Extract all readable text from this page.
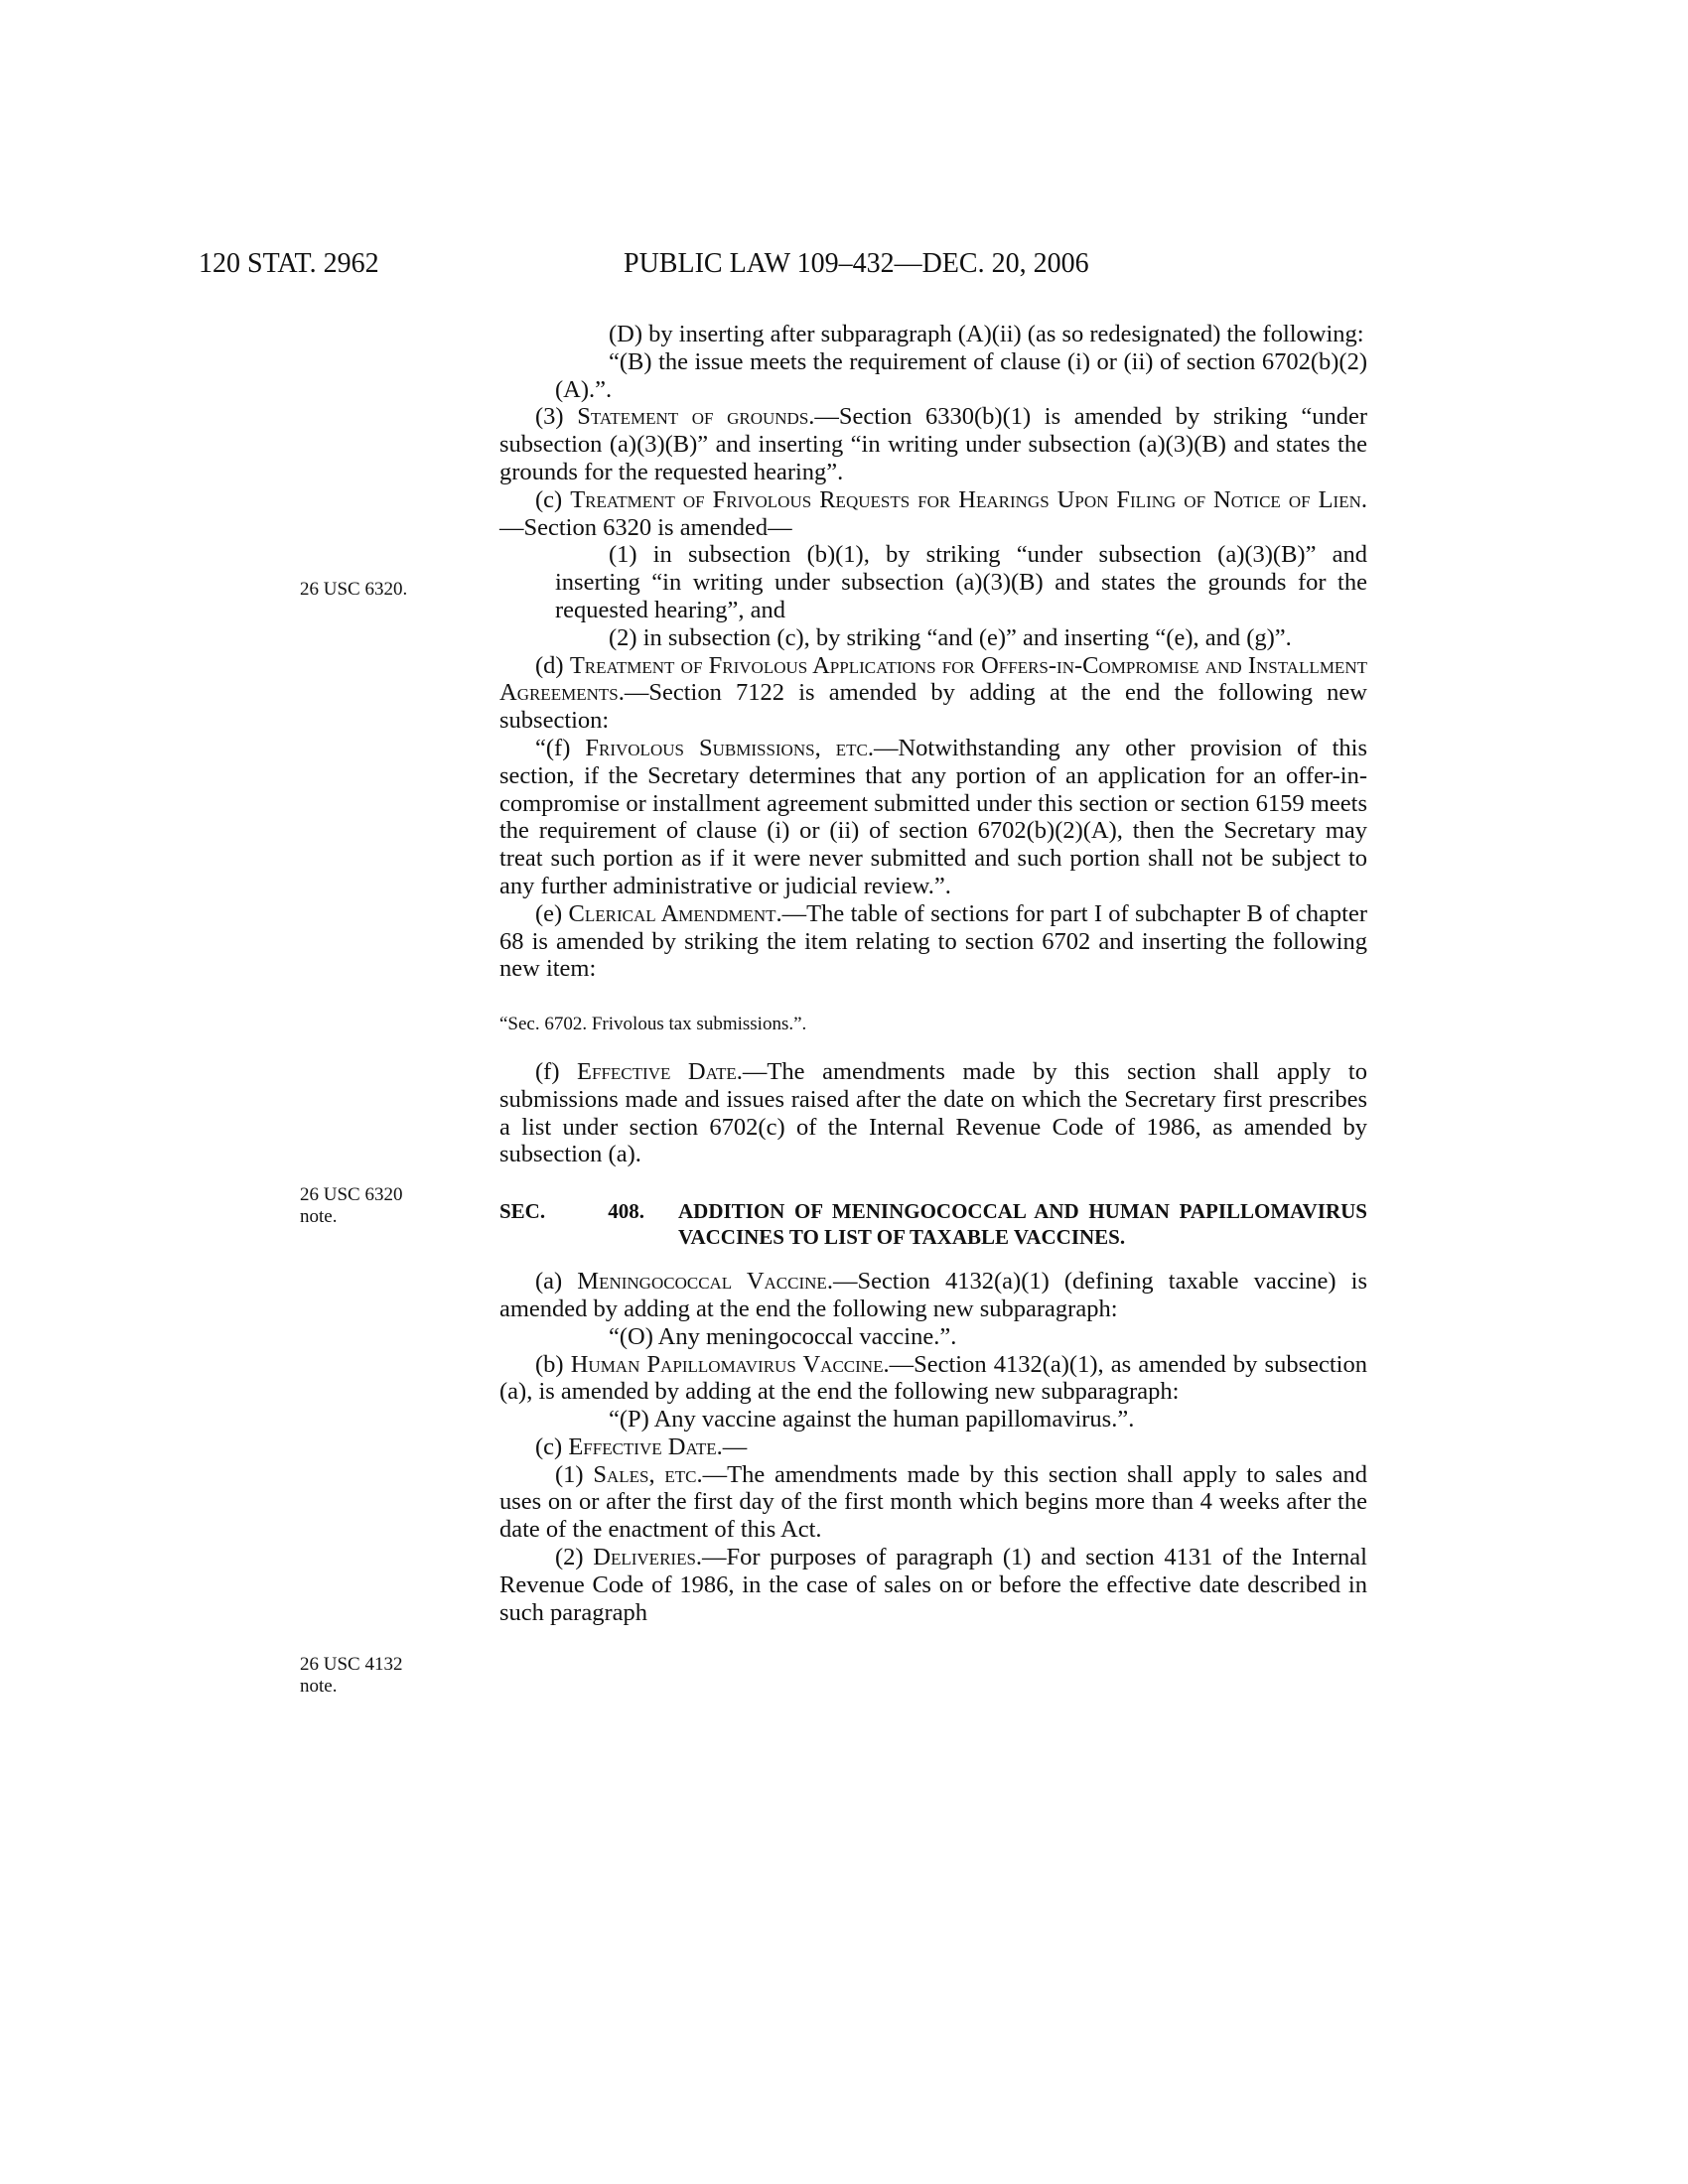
120 STAT. 2962	PUBLIC LAW 109–432—DEC. 20, 2006
26 USC 6320.
26 USC 6320
note.
26 USC 4132
note.

(D) by inserting after subparagraph (A)(ii) (as so redesignated) the following:

“(B) the issue meets the requirement of clause (i) or (ii) of section 6702(b)(2)(A).”.

(3) Statement of grounds.—Section 6330(b)(1) is amended by striking “under subsection (a)(3)(B)” and inserting “in writing under subsection (a)(3)(B) and states the grounds for the requested hearing”.

(c) Treatment of Frivolous Requests for Hearings Upon Filing of Notice of Lien.—Section 6320 is amended—

(1) in subsection (b)(1), by striking “under subsection (a)(3)(B)” and inserting “in writing under subsection (a)(3)(B) and states the grounds for the requested hearing”, and

(2) in subsection (c), by striking “and (e)” and inserting “(e), and (g)”.

(d) Treatment of Frivolous Applications for Offers-in-Compromise and Installment Agreements.—Section 7122 is amended by adding at the end the following new subsection:

“(f) Frivolous Submissions, etc.—Notwithstanding any other provision of this section, if the Secretary determines that any portion of an application for an offer-in-compromise or installment agreement submitted under this section or section 6159 meets the requirement of clause (i) or (ii) of section 6702(b)(2)(A), then the Secretary may treat such portion as if it were never submitted and such portion shall not be subject to any further administrative or judicial review.”.

(e) Clerical Amendment.—The table of sections for part I of subchapter B of chapter 68 is amended by striking the item relating to section 6702 and inserting the following new item:

“Sec. 6702. Frivolous tax submissions.”.

(f) Effective Date.—The amendments made by this section shall apply to submissions made and issues raised after the date on which the Secretary first prescribes a list under section 6702(c) of the Internal Revenue Code of 1986, as amended by subsection (a).

SEC.	408. ADDITION OF MENINGOCOCCAL AND HUMAN PAPILLOMAVIRUS VACCINES TO LIST OF TAXABLE VACCINES.

(a) Meningococcal Vaccine.—Section 4132(a)(1) (defining taxable vaccine) is amended by adding at the end the following new subparagraph:

“(O) Any meningococcal vaccine.”.

(b) Human Papillomavirus Vaccine.—Section 4132(a)(1), as amended by subsection (a), is amended by adding at the end the following new subparagraph:

“(P) Any vaccine against the human papillomavirus.”.

(c) Effective Date.—

(1) Sales, etc.—The amendments made by this section shall apply to sales and uses on or after the first day of the first month which begins more than 4 weeks after the date of the enactment of this Act.

(2) Deliveries.—For purposes of paragraph (1) and section 4131 of the Internal Revenue Code of 1986, in the case of sales on or before the effective date described in such paragraph
